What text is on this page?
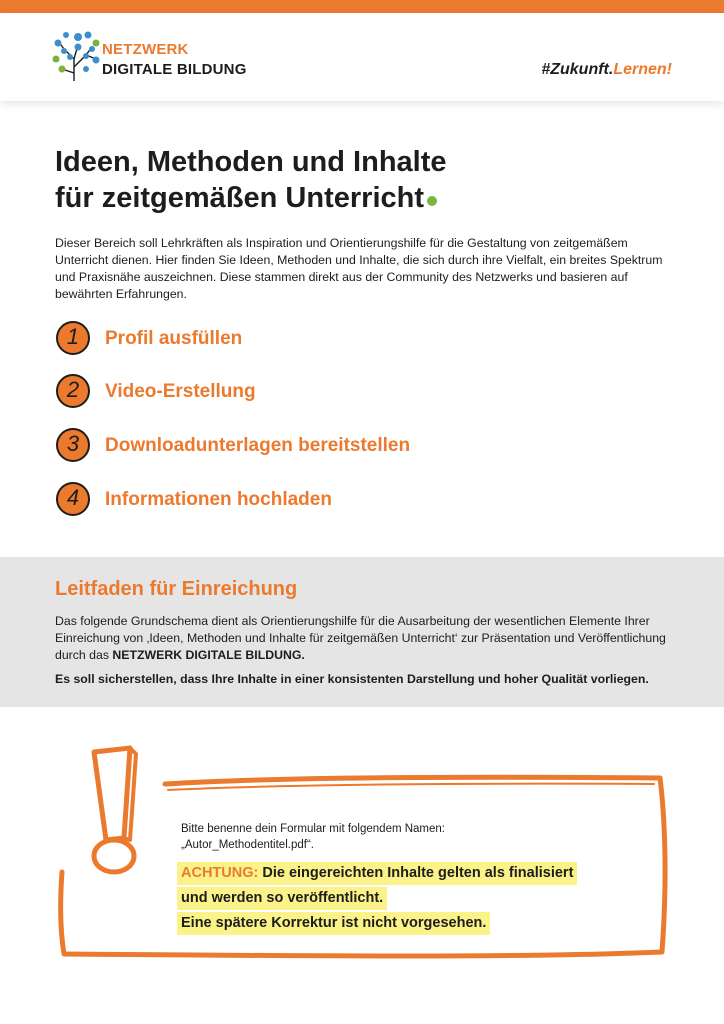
NETZWERK
DIGITALE BILDUNG	#Zukunft.Lernen!
Ideen, Methoden und Inhalte
für zeitgemäßen Unterricht

Dieser Bereich soll Lehrkräften als Inspiration und Orientierungshilfe für die Gestaltung von zeitgemäßem Unterricht dienen. Hier finden Sie Ideen, Methoden und Inhalte, die sich durch ihre Vielfalt, ein breites Spektrum und Praxisnähe auszeichnen. Diese stammen direkt aus der Community des Netzwerks und basieren auf bewährten Erfahrungen.

1	Profil ausfüllen
2	Video-Erstellung
3	Downloadunterlagen bereitstellen
4	Informationen hochladen
Leitfaden für Einreichung

Das folgende Grundschema dient als Orientierungshilfe für die Ausarbeitung der wesentlichen Elemente Ihrer Einreichung von ‚Ideen, Methoden und Inhalte für zeitgemäßen Unterricht‘ zur Präsentation und Veröffentlichung durch das NETZWERK DIGITALE BILDUNG.

Es soll sicherstellen, dass Ihre Inhalte in einer konsistenten Darstellung und hoher Qualität vorliegen.

Bitte benenne dein Formular mit folgendem Namen:
„Autor_Methodentitel.pdf“.

ACHTUNG: Die eingereichten Inhalte gelten als finalisiert
und werden so veröffentlicht.
Eine spätere Korrektur ist nicht vorgesehen.
